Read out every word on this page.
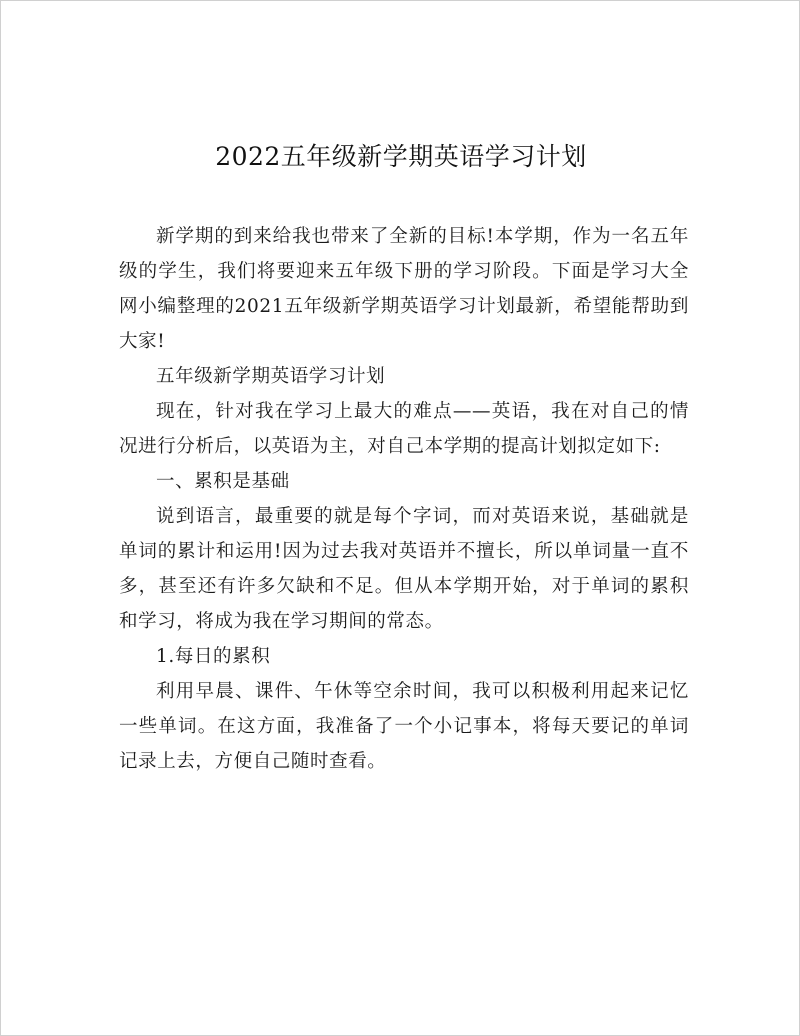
2022五年级新学期英语学习计划

新学期的到来给我也带来了全新的目标!本学期，作为一名五年级的学生，我们将要迎来五年级下册的学习阶段。下面是学习大全网小编整理的2021五年级新学期英语学习计划最新，希望能帮助到大家!

五年级新学期英语学习计划

现在，针对我在学习上最大的难点——英语，我在对自己的情况进行分析后，以英语为主，对自己本学期的提高计划拟定如下:

一、累积是基础

说到语言，最重要的就是每个字词，而对英语来说，基础就是单词的累计和运用!因为过去我对英语并不擅长，所以单词量一直不多，甚至还有许多欠缺和不足。但从本学期开始，对于单词的累积和学习，将成为我在学习期间的常态。

1.每日的累积

利用早晨、课件、午休等空余时间，我可以积极利用起来记忆一些单词。在这方面，我准备了一个小记事本，将每天要记的单词记录上去，方便自己随时查看。
